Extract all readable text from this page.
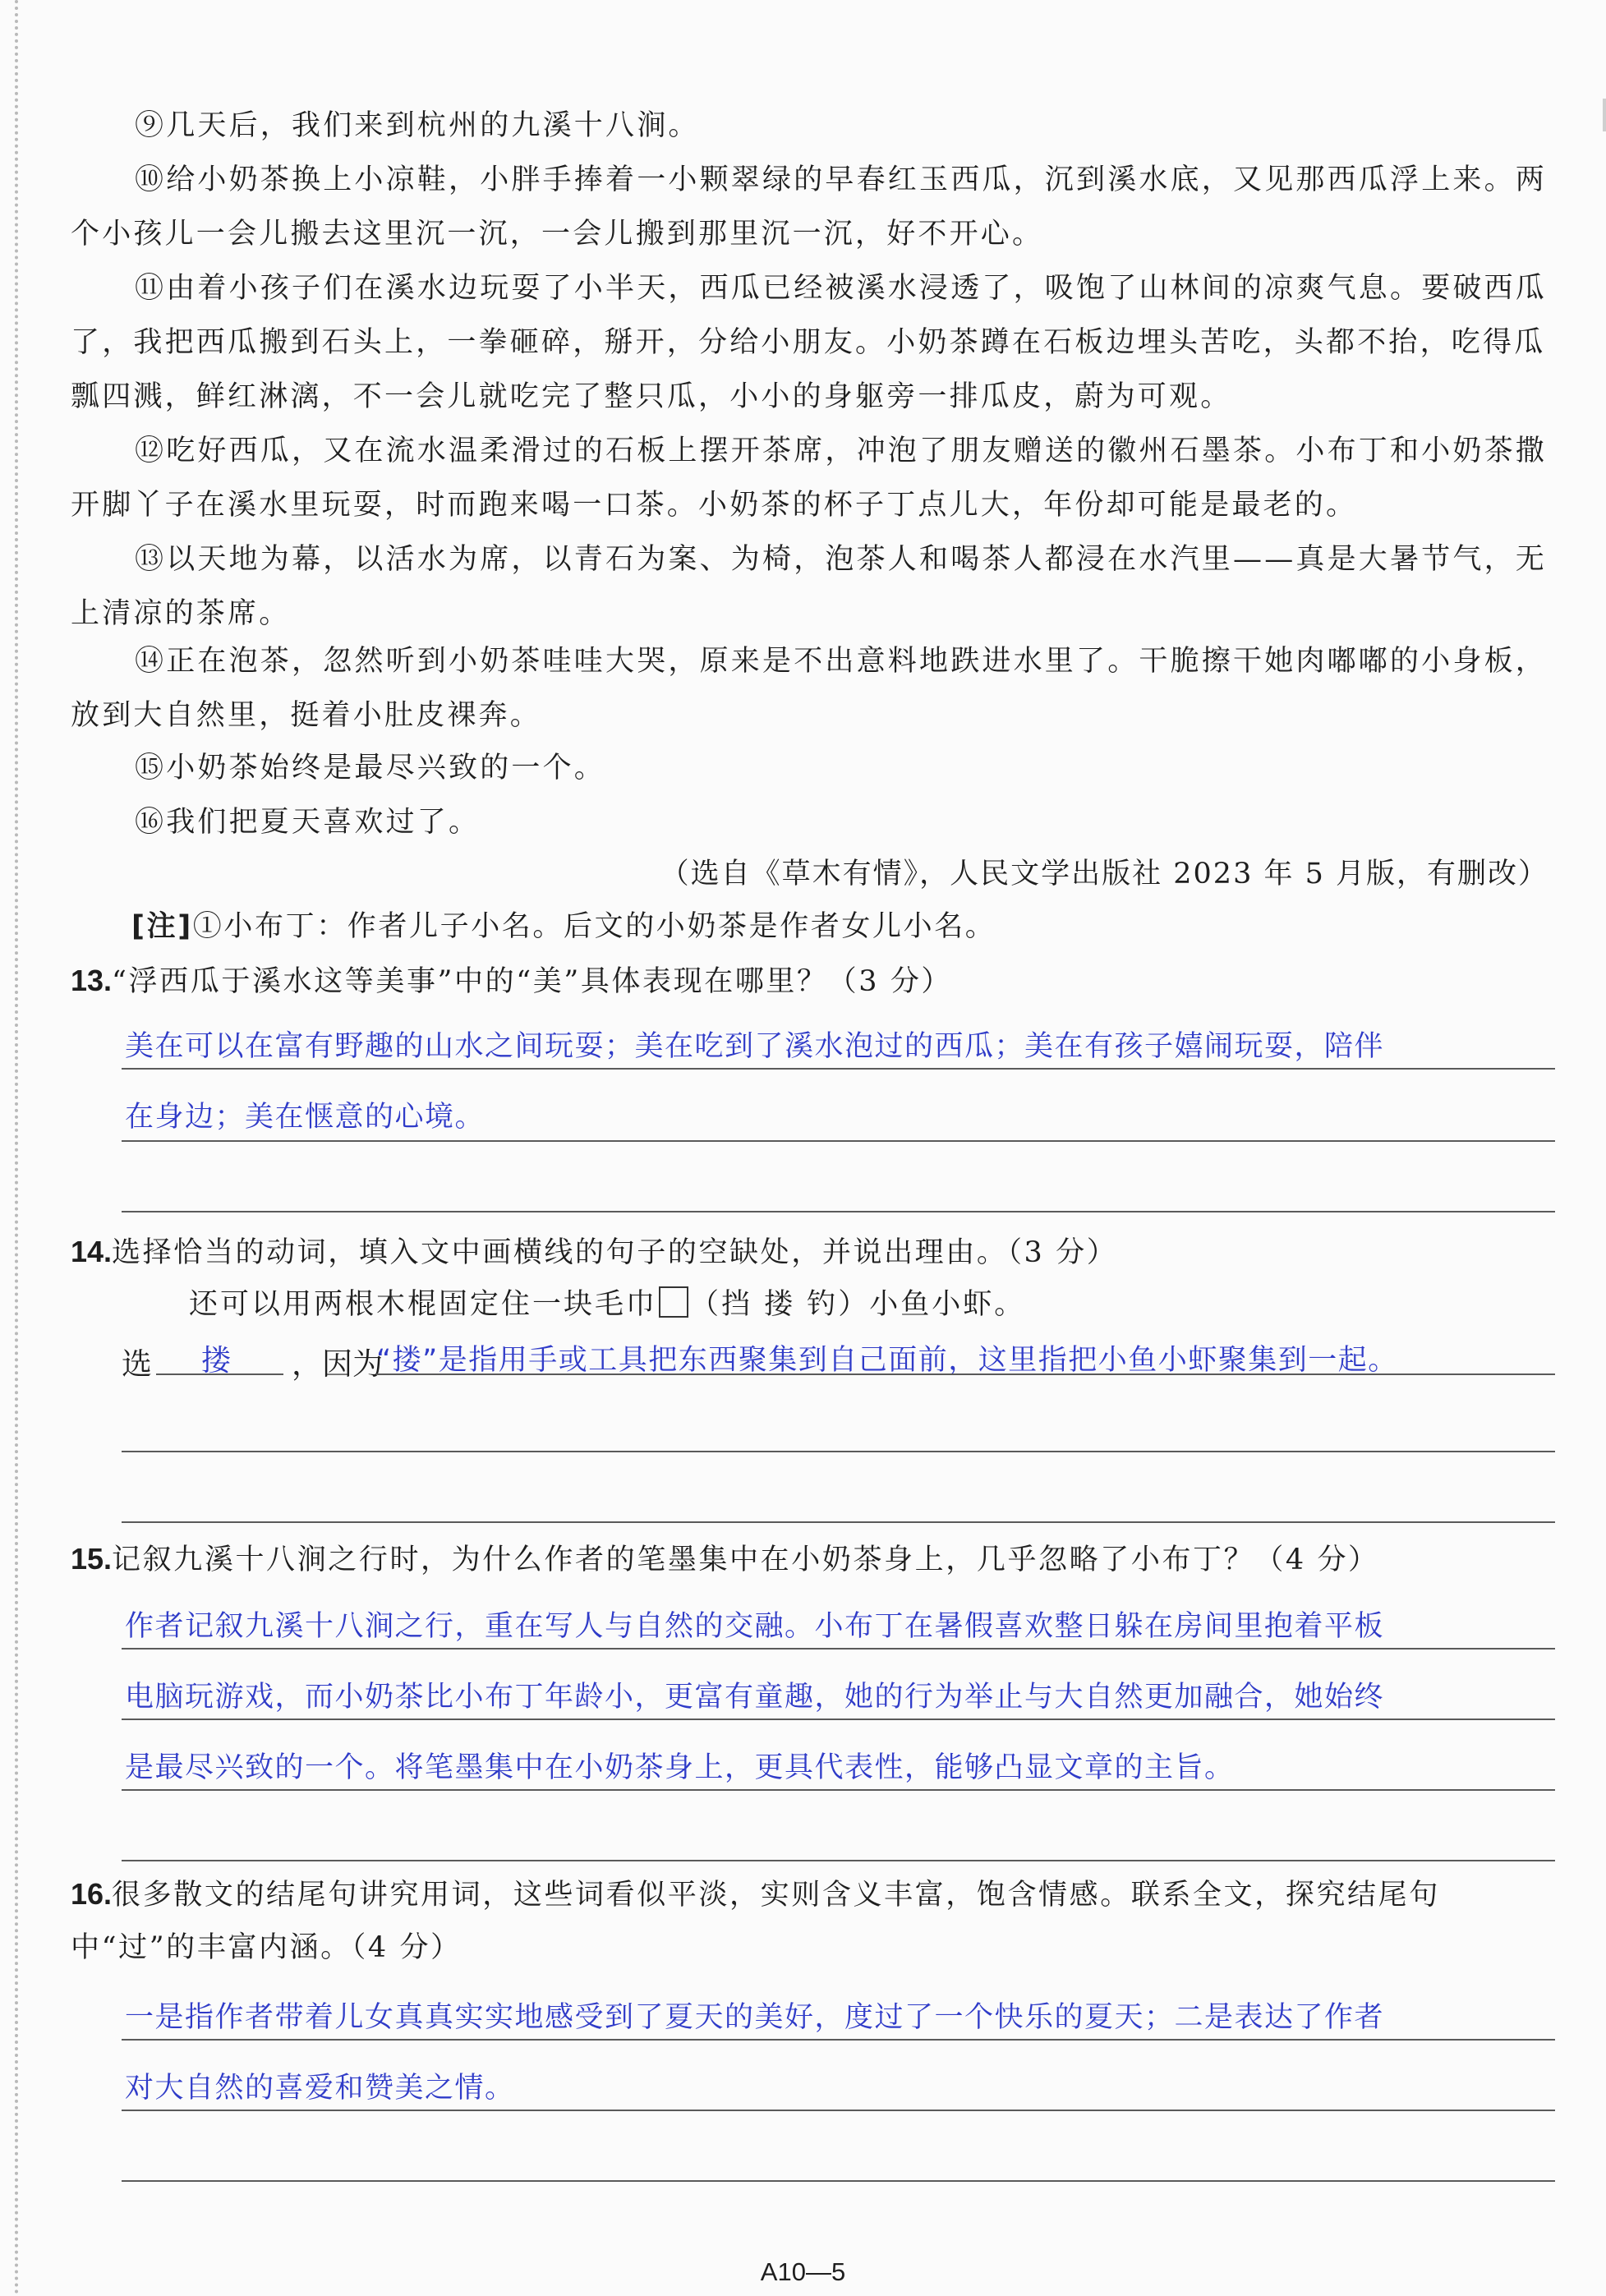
⑨几天后，我们来到杭州的九溪十八涧。

⑩给小奶茶换上小凉鞋，小胖手捧着一小颗翠绿的早春红玉西瓜，沉到溪水底，又见那西瓜浮上来。两个小孩儿一会儿搬去这里沉一沉，一会儿搬到那里沉一沉，好不开心。

⑪由着小孩子们在溪水边玩耍了小半天，西瓜已经被溪水浸透了，吸饱了山林间的凉爽气息。要破西瓜了，我把西瓜搬到石头上，一拳砸碎，掰开，分给小朋友。小奶茶蹲在石板边埋头苦吃，头都不抬，吃得瓜瓢四溅，鲜红淋漓，不一会儿就吃完了整只瓜，小小的身躯旁一排瓜皮，蔚为可观。

⑫吃好西瓜，又在流水温柔滑过的石板上摆开茶席，冲泡了朋友赠送的徽州石墨茶。小布丁和小奶茶撒开脚丫子在溪水里玩耍，时而跑来喝一口茶。小奶茶的杯子丁点儿大，年份却可能是最老的。

⑬以天地为幕，以活水为席，以青石为案、为椅，泡茶人和喝茶人都浸在水汽里——真是大暑节气，无上清凉的茶席。

⑭正在泡茶，忽然听到小奶茶哇哇大哭，原来是不出意料地跌进水里了。干脆擦干她肉嘟嘟的小身板，放到大自然里，挺着小肚皮裸奔。

⑮小奶茶始终是最尽兴致的一个。

⑯我们把夏天喜欢过了。

（选自《草木有情》，人民文学出版社 2023 年 5 月版，有删改）

[注]①小布丁：作者儿子小名。后文的小奶茶是作者女儿小名。

13.“浮西瓜于溪水这等美事”中的“美”具体表现在哪里？（3 分）

美在可以在富有野趣的山水之间玩耍；美在吃到了溪水泡过的西瓜；美在有孩子嬉闹玩耍，陪伴

在身边；美在惬意的心境。

14.选择恰当的动词，填入文中画横线的句子的空缺处，并说出理由。（3 分）

还可以用两根木棍固定住一块毛巾 （挡 搂 钓）小鱼小虾。

选 搂 ，因为

“搂”是指用手或工具把东西聚集到自己面前，这里指把小鱼小虾聚集到一起。

15.记叙九溪十八涧之行时，为什么作者的笔墨集中在小奶茶身上，几乎忽略了小布丁？（4 分）

作者记叙九溪十八涧之行，重在写人与自然的交融。小布丁在暑假喜欢整日躲在房间里抱着平板

电脑玩游戏，而小奶茶比小布丁年龄小，更富有童趣，她的行为举止与大自然更加融合，她始终

是最尽兴致的一个。将笔墨集中在小奶茶身上，更具代表性，能够凸显文章的主旨。

16.很多散文的结尾句讲究用词，这些词看似平淡，实则含义丰富，饱含情感。联系全文，探究结尾句中“过”的丰富内涵。（4 分）

一是指作者带着儿女真真实实地感受到了夏天的美好，度过了一个快乐的夏天；二是表达了作者

对大自然的喜爱和赞美之情。

A10—5
